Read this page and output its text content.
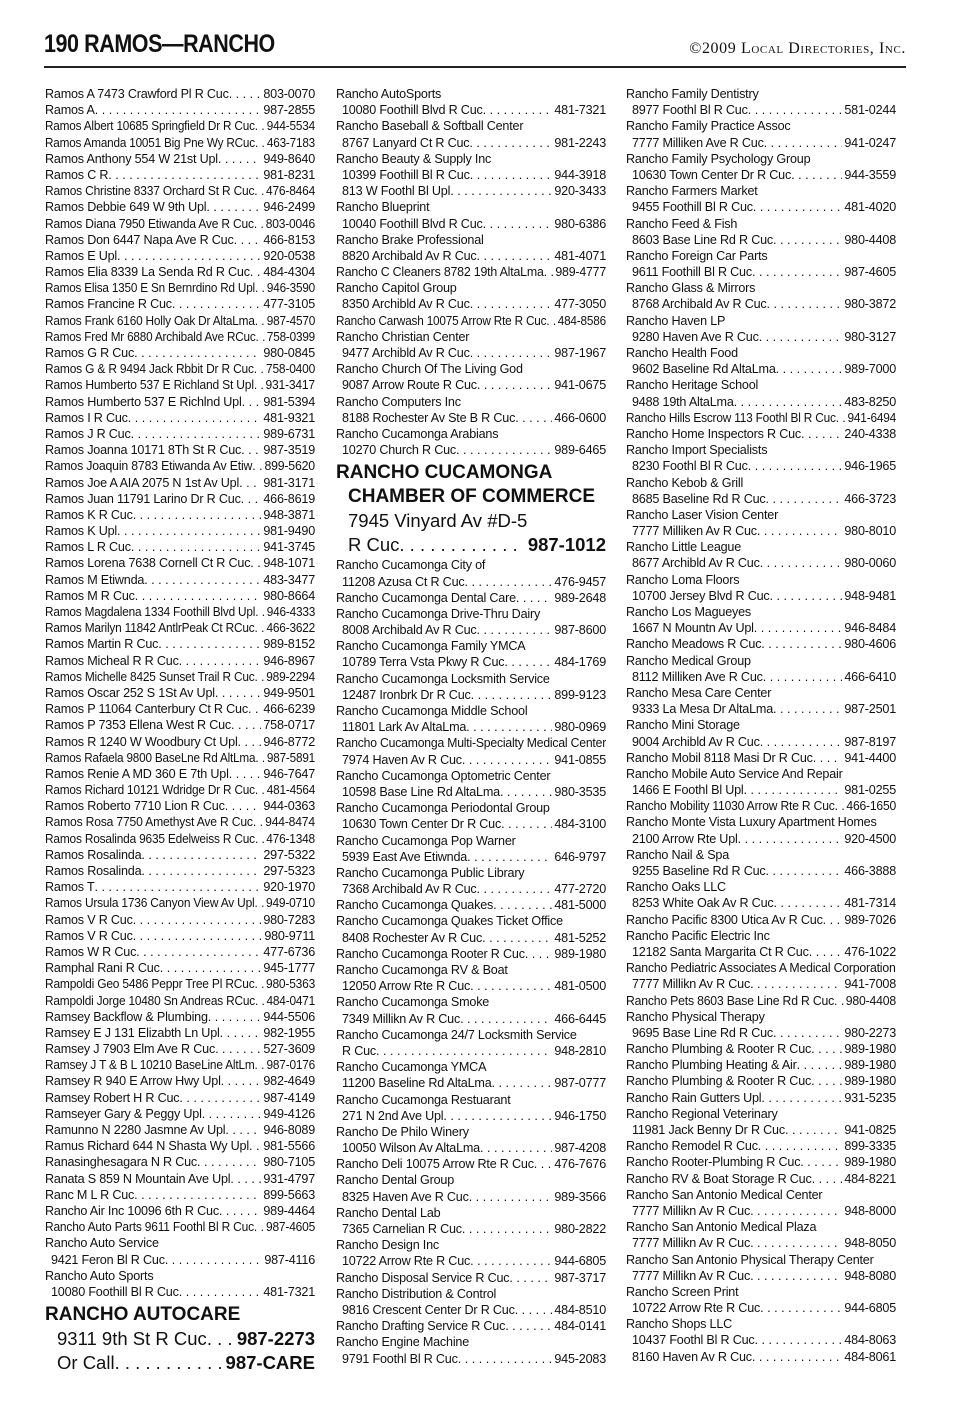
190 RAMOS—RANCHO	©2009 Local Directories, Inc.
Ramos A 7473 Crawford Pl R Cuc . . .	803-0070
Ramos A . . .	987-2855
Ramos Albert 10685 Springfield Dr R Cuc . . . 944-5534
Ramos Amanda 10051 Big Pne Wy RCuc . . . 463-7183
Ramos Anthony 554 W 21st Upl . . .	949-8640
Ramos C R . . .	981-8231
Ramos Christine 8337 Orchard St R Cuc . . . 476-8464
Ramos Debbie 649 W 9th Upl . . .	946-2499
Ramos Diana 7950 Etiwanda Ave R Cuc . . . 803-0046
Ramos Don 6447 Napa Ave R Cuc . . . 466-8153
Ramos E Upl . . .	920-0538
Ramos Elia 8339 La Senda Rd R Cuc . . . 484-4304
Ramos Elisa 1350 E Sn Bernrdino Rd Upl . . . 946-3590
Ramos Francine R Cuc . . .	477-3105
Ramos Frank 6160 Holly Oak Dr AltaLma . . . 987-4570
Ramos Fred Mr 6880 Archibald Ave RCuc . . . 758-0399
Ramos G R Cuc . . .	980-0845
Ramos G & R 9494 Jack Rbbit Dr R Cuc . . . 758-0400
Ramos Humberto 537 E Richland St Upl . . . 931-3417
Ramos Humberto 537 E Richlnd Upl . . . 981-5394
Ramos I R Cuc . . .	481-9321
Ramos J R Cuc . . .	989-6731
Ramos Joanna 10171 8Th St R Cuc . . . 987-3519
Ramos Joaquin 8783 Etiwanda Av Etiw . . . 899-5620
Ramos Joe A AIA 2075 N 1st Av Upl . . . 981-3171
Ramos Juan 11791 Larino Dr R Cuc . . . 466-8619
Ramos K R Cuc . . .	948-3871
Ramos K Upl . . .	981-9490
Ramos L R Cuc . . .	941-3745
Ramos Lorena 7638 Cornell Ct R Cuc . . . 948-1071
Ramos M Etiwnda . . .	483-3477
Ramos M R Cuc . . .	980-8664
Ramos Magdalena 1334 Foothill Blvd Upl . . . 946-4333
Ramos Marilyn 11842 AntlrPeak Ct RCuc . . . 466-3622
Ramos Martin R Cuc . . .	989-8152
Ramos Micheal R R Cuc . . .	946-8967
Ramos Michelle 8425 Sunset Trail R Cuc . . . 989-2294
Ramos Oscar 252 S 1St Av Upl . . .	949-9501
Ramos P 11064 Canterbury Ct R Cuc . . . 466-6239
Ramos P 7353 Ellena West R Cuc . . .	758-0717
Ramos R 1240 W Woodbury Ct Upl . . . 946-8772
Ramos Rafaela 9800 BaseLne Rd AltLma . . . 987-5891
Ramos Renie A MD 360 E 7th Upl . . .	946-7647
Ramos Richard 10121 Wdridge Dr R Cuc . . . 481-4564
Ramos Roberto 7710 Lion R Cuc . . .	944-0363
Ramos Rosa 7750 Amethyst Ave R Cuc . . . 944-8474
Ramos Rosalinda 9635 Edelweiss R Cuc . . . 476-1348
Ramos Rosalinda . . .	297-5322
Ramos Rosalinda . . .	297-5323
Ramos T . . .	920-1970
Ramos Ursula 1736 Canyon View Av Upl . . . 949-0710
Ramos V R Cuc . . .	980-7283
Ramos V R Cuc . . .	980-9711
Ramos W R Cuc . . .	477-6736
Ramphal Rani R Cuc . . .	945-1777
Rampoldi Geo 5486 Peppr Tree Pl RCuc . . . 980-5363
Rampoldi Jorge 10480 Sn Andreas RCuc . . . 484-0471
Ramsey Backflow & Plumbing . . .	944-5506
Ramsey E J 131 Elizabth Ln Upl . . .	982-1955
Ramsey J 7903 Elm Ave R Cuc . . .	527-3609
Ramsey J T & B L 10210 BaseLine AltLm . . . 987-0176
Ramsey R 940 E Arrow Hwy Upl . . .	982-4649
Ramsey Robert H R Cuc . . .	987-4149
Ramseyer Gary & Peggy Upl . . .	949-4126
Ramunno N 2280 Jasmne Av Upl . . .	946-8089
Ramus Richard 644 N Shasta Wy Upl . . . 981-5566
Ranasinghesagara N R Cuc . . .	980-7105
Ranata S 859 N Mountain Ave Upl . . .	931-4797
Ranc M L R Cuc . . .	899-5663
Rancho Air Inc 10096 6th R Cuc . . .	989-4464
Rancho Auto Parts 9611 Foothl Bl R Cuc . . . 987-4605
Rancho Auto Service
9421 Feron Bl R Cuc . . .	987-4116
Rancho Auto Sports
10080 Foothill Bl R Cuc . . .	481-7321
RANCHO AUTOCARE
9311 9th St R Cuc . . . 987-2273
Or Call . . .	987-CARE
Rancho AutoSports
10080 Foothill Blvd R Cuc . . .	481-7321
Rancho Baseball & Softball Center
8767 Lanyard Ct R Cuc . . .	981-2243
Rancho Beauty & Supply Inc
10399 Foothill Bl R Cuc . . .	944-3918
813 W Foothl Bl Upl . . .	920-3433
Rancho Blueprint
10040 Foothill Blvd R Cuc . . .	980-6386
Rancho Brake Professional
8820 Archibald Av R Cuc . . .	481-4071
Rancho C Cleaners 8782 19th AltaLma . . . 989-4777
Rancho Capitol Group
8350 Archibld Av R Cuc . . .	477-3050
Rancho Carwash 10075 Arrow Rte R Cuc . . . 484-8586
Rancho Christian Center
9477 Archibld Av R Cuc . . .	987-1967
Rancho Church Of The Living God
9087 Arrow Route R Cuc . . .	941-0675
Rancho Computers Inc
8188 Rochester Av Ste B R Cuc . . .	466-0600
Rancho Cucamonga Arabians
10270 Church R Cuc . . .	989-6465
RANCHO CUCAMONGA
CHAMBER OF COMMERCE
7945 Vinyard Av #D-5
R Cuc . . .	987-1012
Rancho Cucamonga City of
11208 Azusa Ct R Cuc . . .	476-9457
Rancho Cucamonga Dental Care . . .	989-2648
Rancho Cucamonga Drive-Thru Dairy
8008 Archibald Av R Cuc . . .	987-8600
Rancho Cucamonga Family YMCA
10789 Terra Vsta Pkwy R Cuc . . .	484-1769
Rancho Cucamonga Locksmith Service
12487 Ironbrk Dr R Cuc . . .	899-9123
Rancho Cucamonga Middle School
11801 Lark Av AltaLma . . .	980-0969
Rancho Cucamonga Multi-Specialty Medical Center
7974 Haven Av R Cuc . . .	941-0855
Rancho Cucamonga Optometric Center
10598 Base Line Rd AltaLma . . .	980-3535
Rancho Cucamonga Periodontal Group
10630 Town Center Dr R Cuc . . .	484-3100
Rancho Cucamonga Pop Warner
5939 East Ave Etiwnda . . .	646-9797
Rancho Cucamonga Public Library
7368 Archibald Av R Cuc . . .	477-2720
Rancho Cucamonga Quakes . . .	481-5000
Rancho Cucamonga Quakes Ticket Office
8408 Rochester Av R Cuc . . .	481-5252
Rancho Cucamonga Rooter R Cuc . . . 989-1980
Rancho Cucamonga RV & Boat
12050 Arrow Rte R Cuc . . .	481-0500
Rancho Cucamonga Smoke
7349 Millikn Av R Cuc . . .	466-6445
Rancho Cucamonga 24/7 Locksmith Service
R Cuc . . .	948-2810
Rancho Cucamonga YMCA
11200 Baseline Rd AltaLma . . .	987-0777
Rancho Cucamonga Restuarant
271 N 2nd Ave Upl . . .	946-1750
Rancho De Philo Winery
10050 Wilson Av AltaLma . . .	987-4208
Rancho Deli 10075 Arrow Rte R Cuc . . . 476-7676
Rancho Dental Group
8325 Haven Ave R Cuc . . .	989-3566
Rancho Dental Lab
7365 Carnelian R Cuc . . .	980-2822
Rancho Design Inc
10722 Arrow Rte R Cuc . . .	944-6805
Rancho Disposal Service R Cuc . . .	987-3717
Rancho Distribution & Control
9816 Crescent Center Dr R Cuc . . .	484-8510
Rancho Drafting Service R Cuc . . .	484-0141
Rancho Engine Machine
9791 Foothl Bl R Cuc . . .	945-2083
Rancho Family Dentistry
8977 Foothl Bl R Cuc . . .	581-0244
Rancho Family Practice Assoc
7777 Milliken Ave R Cuc . . .	941-0247
Rancho Family Psychology Group
10630 Town Center Dr R Cuc . . .	944-3559
Rancho Farmers Market
9455 Foothill Bl R Cuc . . .	481-4020
Rancho Feed & Fish
8603 Base Line Rd R Cuc . . .	980-4408
Rancho Foreign Car Parts
9611 Foothill Bl R Cuc . . .	987-4605
Rancho Glass & Mirrors
8768 Archibald Av R Cuc . . .	980-3872
Rancho Haven LP
9280 Haven Ave R Cuc . . .	980-3127
Rancho Health Food
9602 Baseline Rd AltaLma . . .	989-7000
Rancho Heritage School
9488 19th AltaLma . . .	483-8250
Rancho Hills Escrow 113 Foothl Bl R Cuc . . . 941-6494
Rancho Home Inspectors R Cuc . . .	240-4338
Rancho Import Specialists
8230 Foothl Bl R Cuc . . .	946-1965
Rancho Kebob & Grill
8685 Baseline Rd R Cuc . . .	466-3723
Rancho Laser Vision Center
7777 Milliken Av R Cuc . . .	980-8010
Rancho Little League
8677 Archibld Av R Cuc . . .	980-0060
Rancho Loma Floors
10700 Jersey Blvd R Cuc . . .	948-9481
Rancho Los Magueyes
1667 N Mountn Av Upl . . .	946-8484
Rancho Meadows R Cuc . . .	980-4606
Rancho Medical Group
8112 Milliken Ave R Cuc . . .	466-6410
Rancho Mesa Care Center
9333 La Mesa Dr AltaLma . . .	987-2501
Rancho Mini Storage
9004 Archibld Av R Cuc . . .	987-8197
Rancho Mobil 8118 Masi Dr R Cuc . . .	941-4400
Rancho Mobile Auto Service And Repair
1466 E Foothl Bl Upl . . .	981-0255
Rancho Mobility 11030 Arrow Rte R Cuc . . . 466-1650
Rancho Monte Vista Luxury Apartment Homes
2100 Arrow Rte Upl . . .	920-4500
Rancho Nail & Spa
9255 Baseline Rd R Cuc . . .	466-3888
Rancho Oaks LLC
8253 White Oak Av R Cuc . . .	481-7314
Rancho Pacific 8300 Utica Av R Cuc . . . 989-7026
Rancho Pacific Electric Inc
12182 Santa Margarita Ct R Cuc . . .	476-1022
Rancho Pediatric Associates A Medical Corporation
7777 Millikn Av R Cuc . . .	941-7008
Rancho Pets 8603 Base Line Rd R Cuc . . . 980-4408
Rancho Physical Therapy
9695 Base Line Rd R Cuc . . .	980-2273
Rancho Plumbing & Rooter R Cuc . . .	989-1980
Rancho Plumbing Heating & Air . . .	989-1980
Rancho Plumbing & Rooter R Cuc . . .	989-1980
Rancho Rain Gutters Upl . . .	931-5235
Rancho Regional Veterinary
11981 Jack Benny Dr R Cuc . . .	941-0825
Rancho Remodel R Cuc . . .	899-3335
Rancho Rooter-Plumbing R Cuc . . .	989-1980
Rancho RV & Boat Storage R Cuc . . .	484-8221
Rancho San Antonio Medical Center
7777 Millikn Av R Cuc . . .	948-8000
Rancho San Antonio Medical Plaza
7777 Millikn Av R Cuc . . .	948-8050
Rancho San Antonio Physical Therapy Center
7777 Millikn Av R Cuc . . .	948-8080
Rancho Screen Print
10722 Arrow Rte R Cuc . . .	944-6805
Rancho Shops LLC
10437 Foothl Bl R Cuc . . .	484-8063
8160 Haven Av R Cuc . . .	484-8061
